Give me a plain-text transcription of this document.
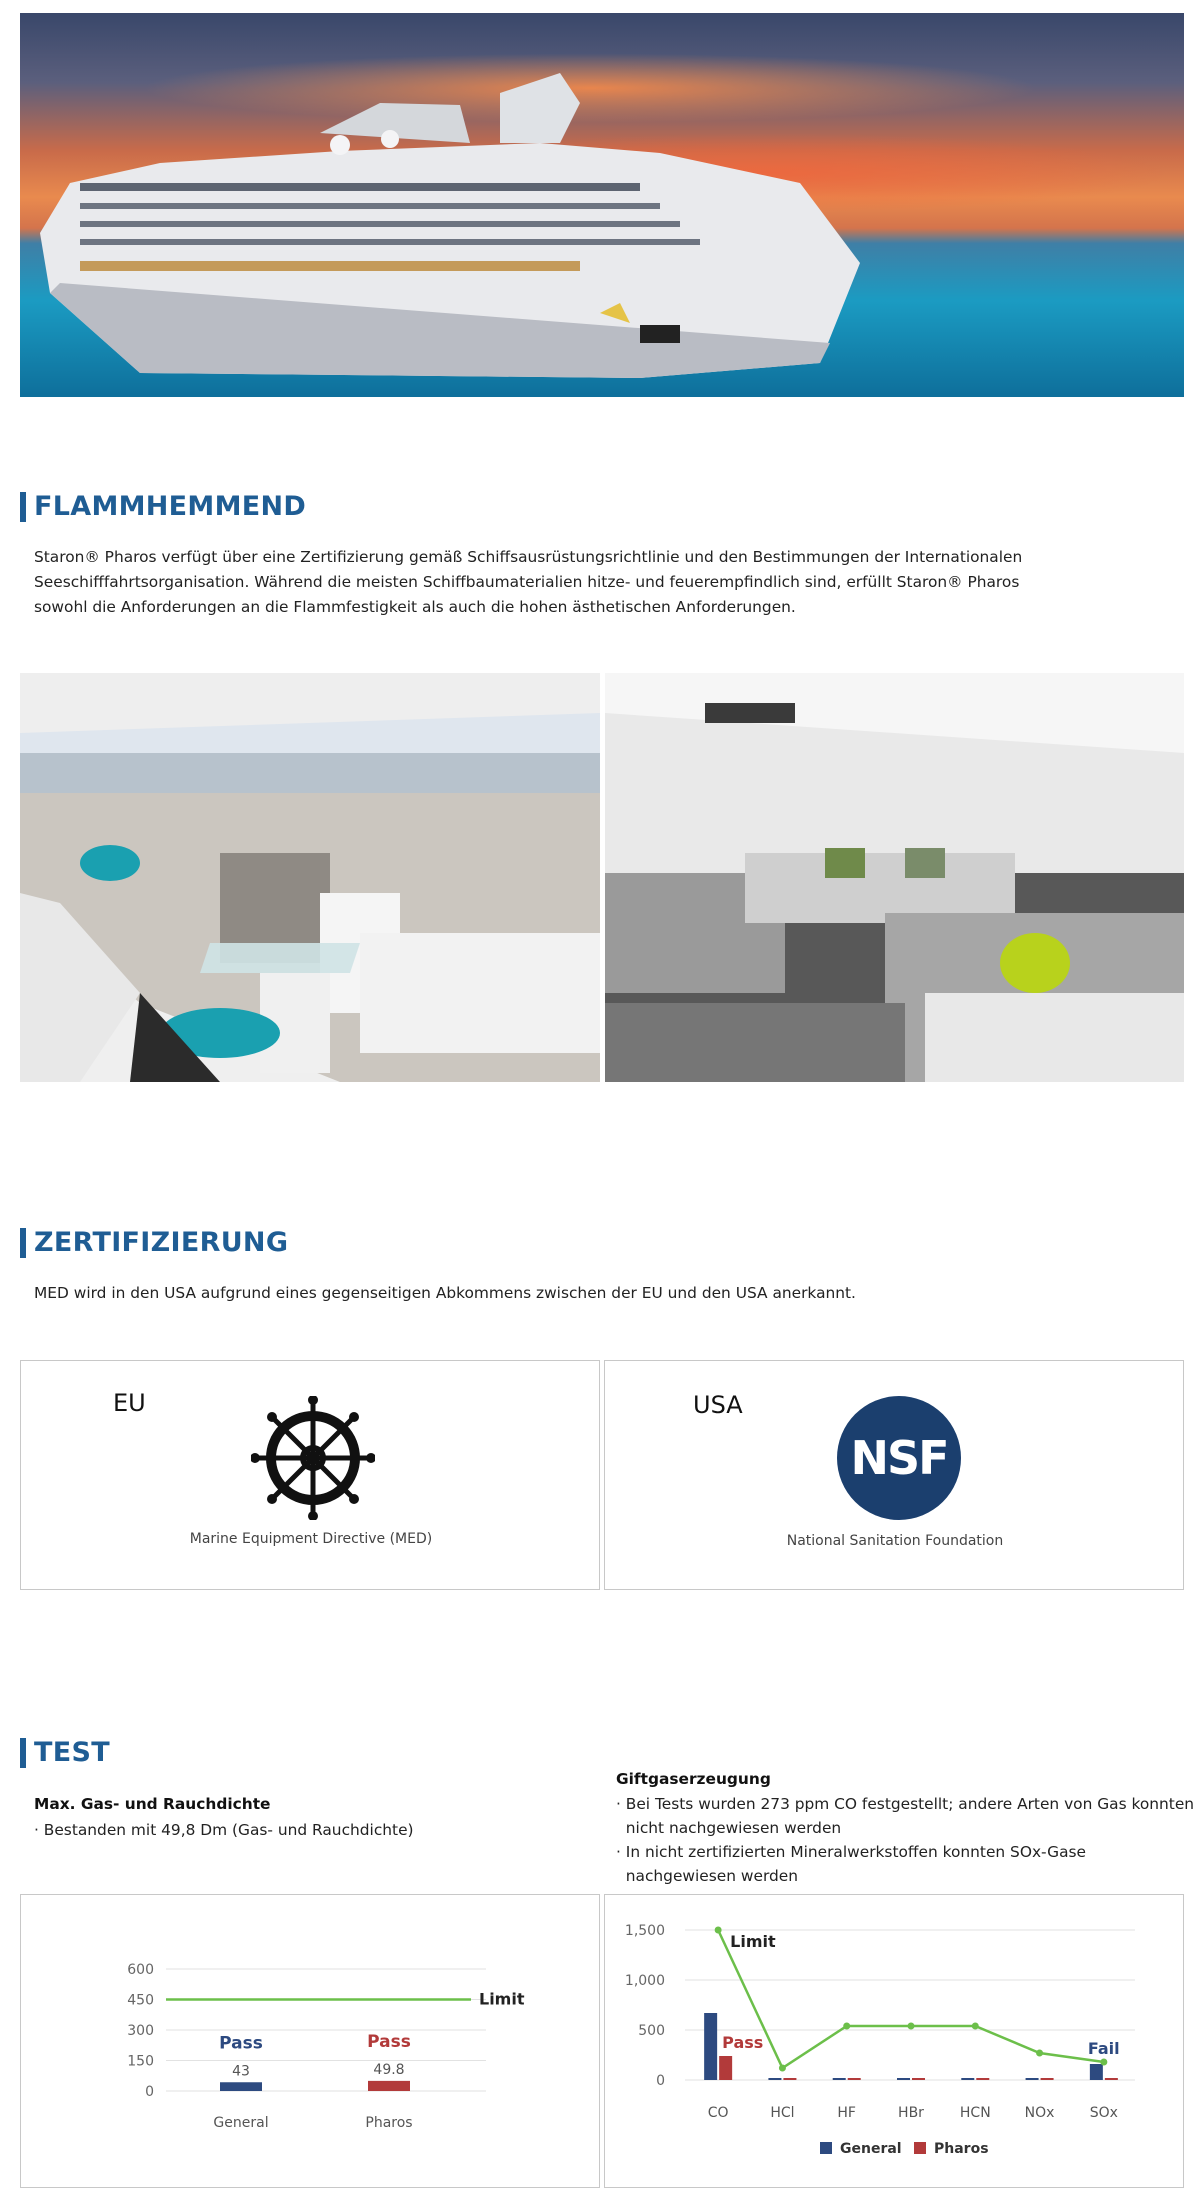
FLAMMHEMMEND
Staron® Pharos verfügt über eine Zertifizierung gemäß Schiffsausrüstungsrichtlinie und den Bestimmungen der Internationalen Seeschifffahrtsorganisation. Während die meisten Schiffbaumaterialien hitze- und feuerempfindlich sind, erfüllt Staron® Pharos sowohl die Anforderungen an die Flammfestigkeit als auch die hohen ästhetischen Anforderungen.
ZERTIFIZIERUNG
MED wird in den USA aufgrund eines gegenseitigen Abkommens zwischen der EU und den USA anerkannt.
EU
Marine Equipment Directive (MED)
USA
NSF
National Sanitation Foundation
TEST
Max. Gas- und Rauchdichte
· Bestanden mit 49,8 Dm (Gas- und Rauchdichte)
Giftgaserzeugung
· Bei Tests wurden 273 ppm CO festgestellt; andere Arten von Gas konnten
nicht nachgewiesen werden
· In nicht zertifizierten Mineralwerkstoffen konnten SOx-Gase
nachgewiesen werden
600
450
300
150
0
Limit
43
Pass
General
49.8
Pass
Pharos
1,500
1,000
500
0
Limit
Pass	Fail
CO	HCl	HF	HBr	HCN NOx	SOx
General Pharos
